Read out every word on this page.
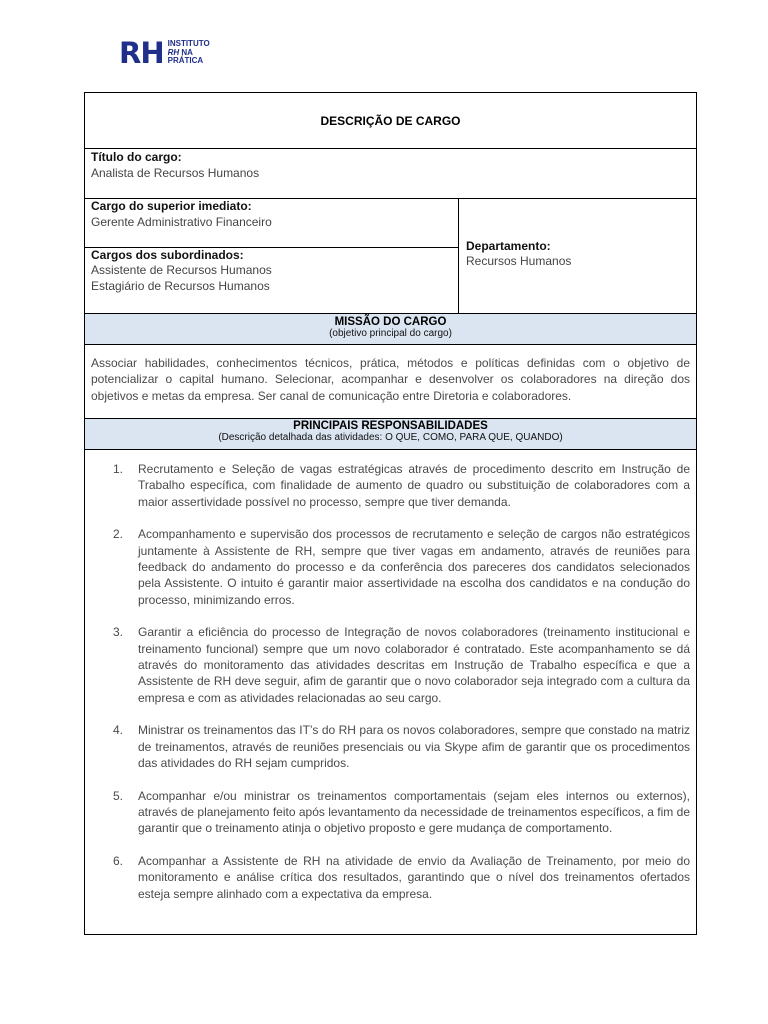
RH INSTITUTO
RH NA
PRÁTICA
DESCRIÇÃO DE CARGO
Título do cargo:
Analista de Recursos Humanos
Cargo do superior imediato:
Gerente Administrativo Financeiro
Cargos dos subordinados:
Assistente de Recursos Humanos
Estagiário de Recursos Humanos
Departamento:
Recursos Humanos
MISSÃO DO CARGO
(objetivo principal do cargo)
Associar habilidades, conhecimentos técnicos, prática, métodos e políticas definidas com o objetivo de potencializar o capital humano. Selecionar, acompanhar e desenvolver os colaboradores na direção dos objetivos e metas da empresa. Ser canal de comunicação entre Diretoria e colaboradores.
PRINCIPAIS RESPONSABILIDADES
(Descrição detalhada das atividades: O QUE, COMO, PARA QUE, QUANDO)
1. Recrutamento e Seleção de vagas estratégicas através de procedimento descrito em Instrução de Trabalho específica, com finalidade de aumento de quadro ou substituição de colaboradores com a maior assertividade possível no processo, sempre que tiver demanda.
2. Acompanhamento e supervisão dos processos de recrutamento e seleção de cargos não estratégicos juntamente à Assistente de RH, sempre que tiver vagas em andamento, através de reuniões para feedback do andamento do processo e da conferência dos pareceres dos candidatos selecionados pela Assistente. O intuito é garantir maior assertividade na escolha dos candidatos e na condução do processo, minimizando erros.
3. Garantir a eficiência do processo de Integração de novos colaboradores (treinamento institucional e treinamento funcional) sempre que um novo colaborador é contratado. Este acompanhamento se dá através do monitoramento das atividades descritas em Instrução de Trabalho específica e que a Assistente de RH deve seguir, afim de garantir que o novo colaborador seja integrado com a cultura da empresa e com as atividades relacionadas ao seu cargo.
4. Ministrar os treinamentos das IT’s do RH para os novos colaboradores, sempre que constado na matriz de treinamentos, através de reuniões presenciais ou via Skype afim de garantir que os procedimentos das atividades do RH sejam cumpridos.
5. Acompanhar e/ou ministrar os treinamentos comportamentais (sejam eles internos ou externos), através de planejamento feito após levantamento da necessidade de treinamentos específicos, a fim de garantir que o treinamento atinja o objetivo proposto e gere mudança de comportamento.
6. Acompanhar a Assistente de RH na atividade de envio da Avaliação de Treinamento, por meio do monitoramento e análise crítica dos resultados, garantindo que o nível dos treinamentos ofertados esteja sempre alinhado com a expectativa da empresa.
